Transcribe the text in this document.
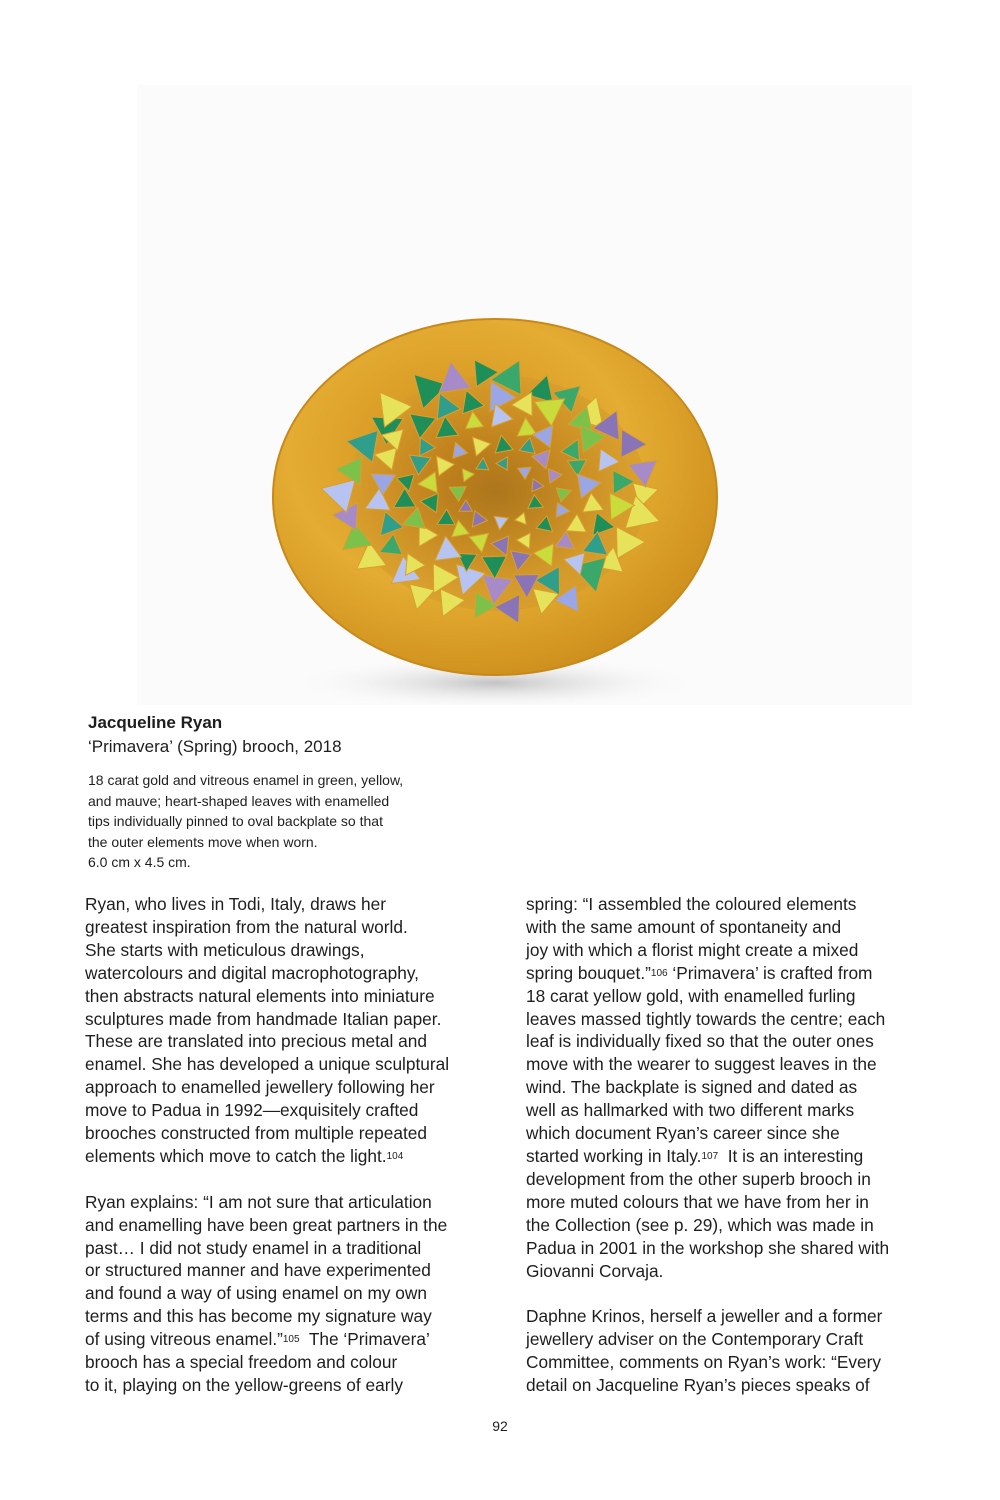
Jacqueline Ryan
‘Primavera’ (Spring) brooch, 2018
18 carat gold and vitreous enamel in green, yellow,
and mauve; heart-shaped leaves with enamelled
tips individually pinned to oval backplate so that
the outer elements move when worn.
6.0 cm x 4.5 cm.
Ryan, who lives in Todi, Italy, draws her
greatest inspiration from the natural world.
She starts with meticulous drawings,
watercolours and digital macrophotography,
then abstracts natural elements into miniature
sculptures made from handmade Italian paper.
These are translated into precious metal and
enamel. She has developed a unique sculptural
approach to enamelled jewellery following her
move to Padua in 1992—exquisitely crafted
brooches constructed from multiple repeated
elements which move to catch the light.$^{104}$
Ryan explains: “I am not sure that articulation
and enamelling have been great partners in the
past… I did not study enamel in a traditional
or structured manner and have experimented
and found a way of using enamel on my own
terms and this has become my signature way
of using vitreous enamel.”$^{105}$  The ‘Primavera’
brooch has a special freedom and colour
to it, playing on the yellow-greens of early
spring: “I assembled the coloured elements
with the same amount of spontaneity and
joy with which a florist might create a mixed
spring bouquet.”$^{106}$ ‘Primavera’ is crafted from
18 carat yellow gold, with enamelled furling
leaves massed tightly towards the centre; each
leaf is individually fixed so that the outer ones
move with the wearer to suggest leaves in the
wind. The backplate is signed and dated as
well as hallmarked with two different marks
which document Ryan’s career since she
started working in Italy.$^{107}$  It is an interesting
development from the other superb brooch in
more muted colours that we have from her in
the Collection (see p. 29), which was made in
Padua in 2001 in the workshop she shared with
Giovanni Corvaja.
Daphne Krinos, herself a jeweller and a former
jewellery adviser on the Contemporary Craft
Committee, comments on Ryan’s work: “Every
detail on Jacqueline Ryan’s pieces speaks of
92
